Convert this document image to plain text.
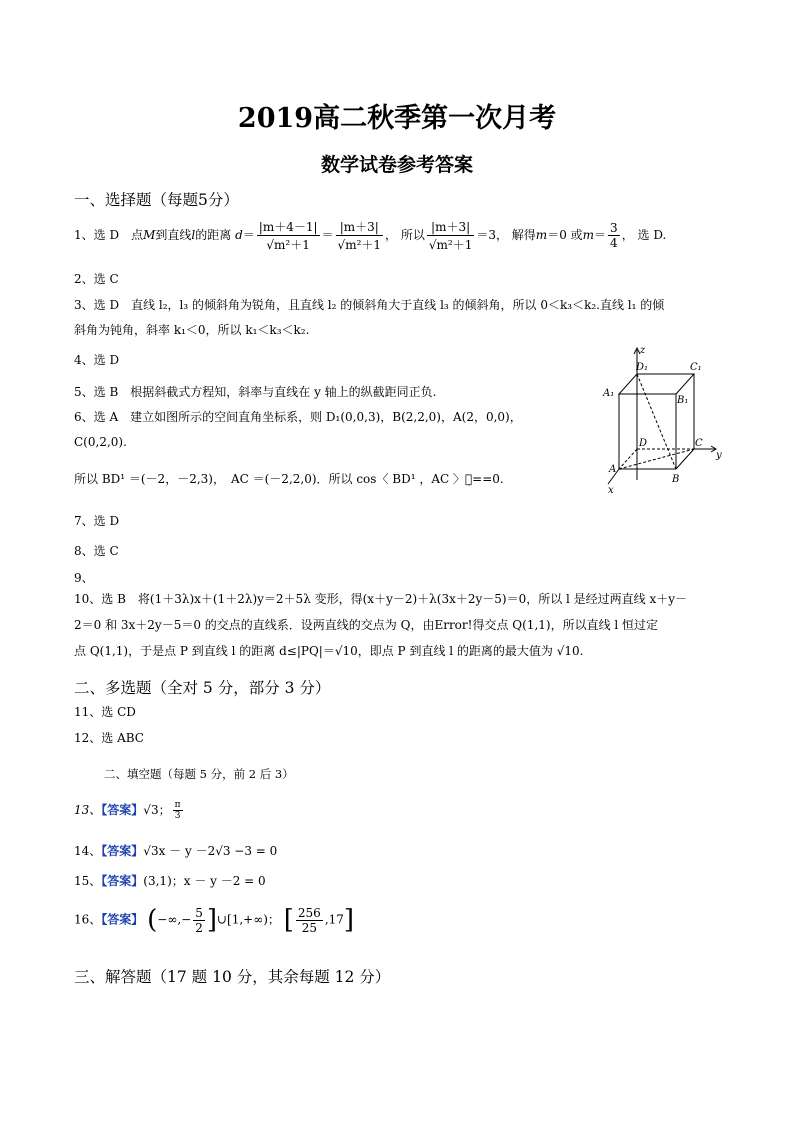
2019高二秋季第一次月考
数学试卷参考答案
一、选择题（每题5分）
1、选 D　点M到直线l的距离 $d= \frac{|m+4-1|}{\text{√m²＋1}} = \frac{|m+3|}{\text{√m²＋1}}$ ， 所以 $\frac{|m+3|}{\text{√m²＋1}} =3$， 解得m＝0 或$m= \frac{3}{4}$ ， 选 D.
2、选 C
3、选 D　直线 l₂，l₃ 的倾斜角为锐角，且直线 l₂ 的倾斜角大于直线 l₃ 的倾斜角，所以 0＜k₃＜k₂.直线 l₁ 的倾
斜角为钝角，斜率 k₁＜0，所以 k₁＜k₃＜k₂.
4、选 D
5、选 B　根据斜截式方程知，斜率与直线在 y 轴上的纵截距同正负.
6、选 A　建立如图所示的空间直角坐标系，则 D₁(0,0,3)，B(2,2,0)，A(2，0,0)，
C(0,2,0).
所以 BD¹ ＝(－2，－2,3)，　AC ＝(－2,2,0)．所以 cos〈 BD¹ ，AC 〉＝̣==0.
7、选 D
8、选 C
9、
10、选 B　将(1＋3λ)x＋(1＋2λ)y＝2＋5λ 变形，得(x＋y－2)＋λ(3x＋2y－5)＝0，所以 l 是经过两直线 x＋y－
2＝0 和 3x＋2y－5＝0 的交点的直线系．设两直线的交点为 Q，由Error!得交点 Q(1,1)，所以直线 l 恒过定
点 Q(1,1)，于是点 P 到直线 l 的距离 d≤|PQ|＝√10，即点 P 到直线 l 的距离的最大值为 √10.
二、多选题（全对 5 分，部分 3 分）
11、选 CD
12、选 ABC
二、填空题（每题 5 分，前 2 后 3）
13、【答案】√3； $\frac{\pi}{3}$
14、【答案】√3x － y －2√3 −3 = 0
15、【答案】(3,1)；x － y －2 = 0
16、【答案】 (−∞,− $\frac{5}{2}$ ]∪[1,+∞)； [ $\frac{256}{25} ,17$]
三、解答题（17 题 10 分，其余每题 12 分）
z
D₁	C₁
A₁
B₁
D	C
A
B
x
y
